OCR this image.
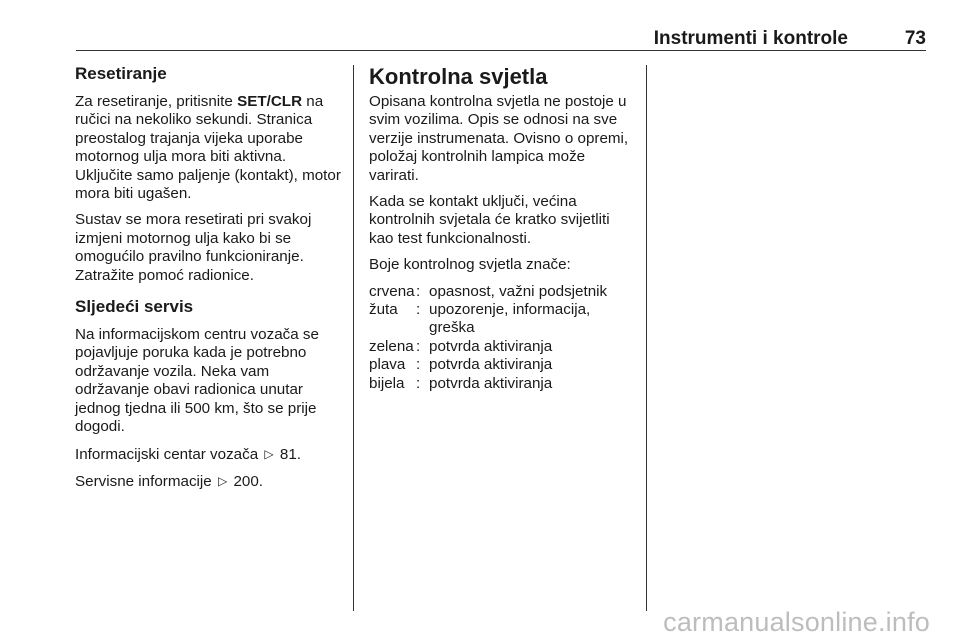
Instrumenti i kontrole	73
Resetiranje

Za resetiranje, pritisnite SET/CLR na ručici na nekoliko sekundi. Stranica preostalog trajanja vijeka uporabe motornog ulja mora biti aktivna. Uključite samo paljenje (kontakt), motor mora biti ugašen.

Sustav se mora resetirati pri svakoj izmjeni motornog ulja kako bi se omogućilo pravilno funkcioniranje. Zatražite pomoć radionice.

Sljedeći servis

Na informacijskom centru vozača se pojavljuje poruka kada je potrebno održavanje vozila. Neka vam održavanje obavi radionica unutar jednog tjedna ili 500 km, što se prije dogodi.

Informacijski centar vozača ▷ 81.

Servisne informacije ▷ 200.

Kontrolna svjetla

Opisana kontrolna svjetla ne postoje u svim vozilima. Opis se odnosi na sve verzije instrumenata. Ovisno o opremi, položaj kontrolnih lampica može varirati.

Kada se kontakt uključi, većina kontrolnih svjetala će kratko svijetliti kao test funkcionalnosti.

Boje kontrolnog svjetla znače:

crvena : opasnost, važni podsjetnik
žuta	: upozorenje, informacija, greška
zelena : potvrda aktiviranja
plava : potvrda aktiviranja
bijela : potvrda aktiviranja
carmanualsonline.info
